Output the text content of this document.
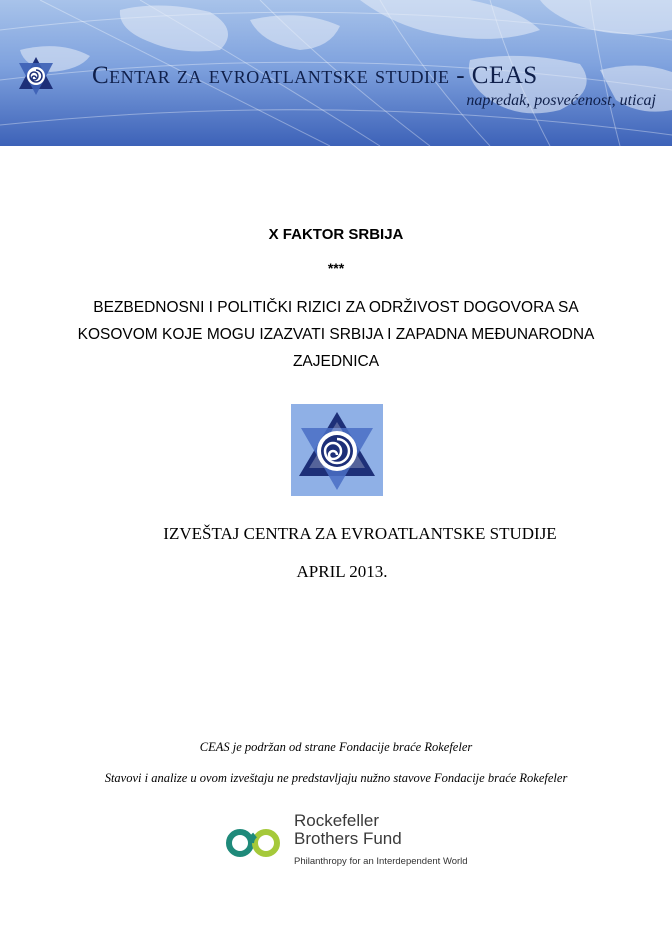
Centar za evroatlantske studije - CEAS
napredak, posvećenost, uticaj
X FAKTOR SRBIJA
***
BEZBEDNOSNI I POLITIČKI RIZICI ZA ODRŽIVOST DOGOVORA SA KOSOVOM KOJE MOGU IZAZVATI SRBIJA I ZAPADNA MEĐUNARODNA ZAJEDNICA
IZVEŠTAJ CENTRA ZA EVROATLANTSKE STUDIJE
APRIL 2013.
CEAS je podržan od strane Fondacije braće Rokefeler
Stavovi i analize u ovom izveštaju ne predstavljaju nužno stavove Fondacije braće Rokefeler
Rockefeller
Brothers Fund
Philanthropy for an Interdependent World
